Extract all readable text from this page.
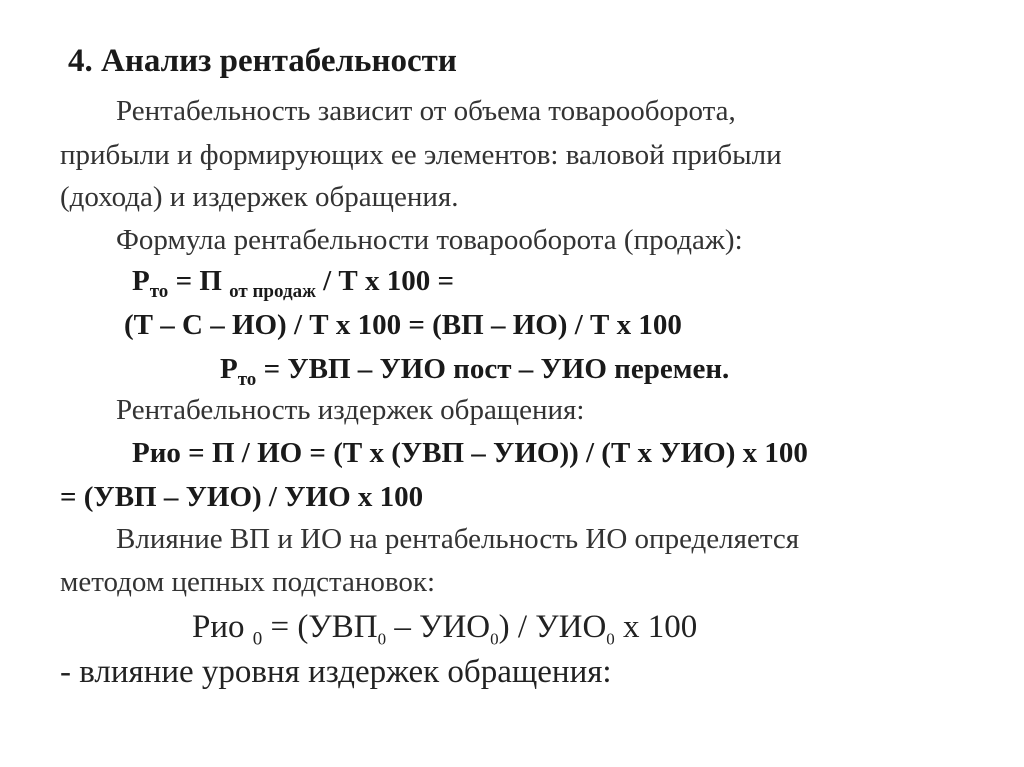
4. Анализ рентабельности
Рентабельность зависит от объема товарооборота,
прибыли и формирующих ее элементов: валовой прибыли
(дохода) и издержек обращения.
Формула рентабельности товарооборота (продаж):
$Р_{то} = П$ $_{от продаж}$ / Т х 100 =
(Т – С – ИО) / Т х 100 = (ВП – ИО) / Т х 100
$Р_{то}$ = УВП – УИО пост – УИО перемен.
Рентабельность издержек обращения:
Рио = П / ИО = (Т х (УВП – УИО)) / (Т х УИО) х 100
= (УВП – УИО) / УИО х 100
Влияние ВП и ИО на рентабельность ИО определяется
методом цепных подстановок:
Рио $_0 = (УВП_0 - УИО_0) / УИО_0$ х 100
- влияние уровня издержек обращения:
